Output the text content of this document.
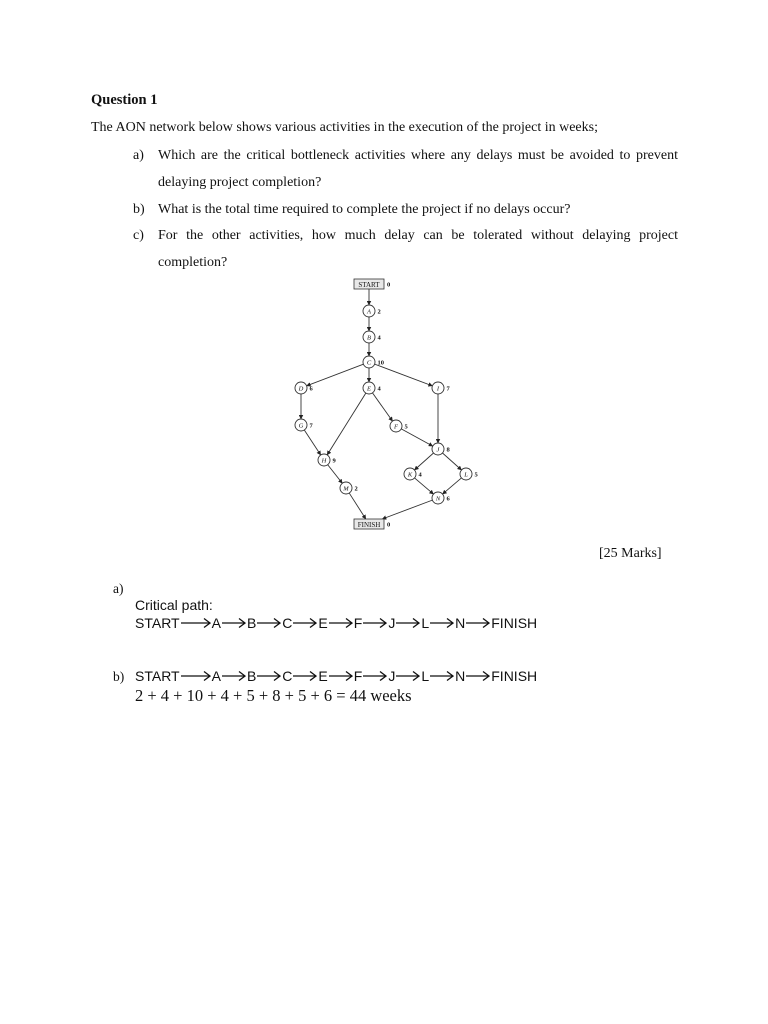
Question 1
The AON network below shows various activities in the execution of the project in weeks;
a) Which are the critical bottleneck activities where any delays must be avoided to prevent delaying project completion?
b) What is the total time required to complete the project if no delays occur?
c) For the other activities, how much delay can be tolerated without delaying project completion?
START 0
A 2
B 4
C 10
D 6	E 4	I 7
G 7	F 5
J 8
H 9
K 4	L 5
M 2
N 6
FINISH 0
[25 Marks]
a)
Critical path:
START A B C E F J L N FINISH
b) START A B C E F J L N FINISH
2 + 4 + 10 + 4 + 5 + 8 + 5 + 6 = 44 weeks
